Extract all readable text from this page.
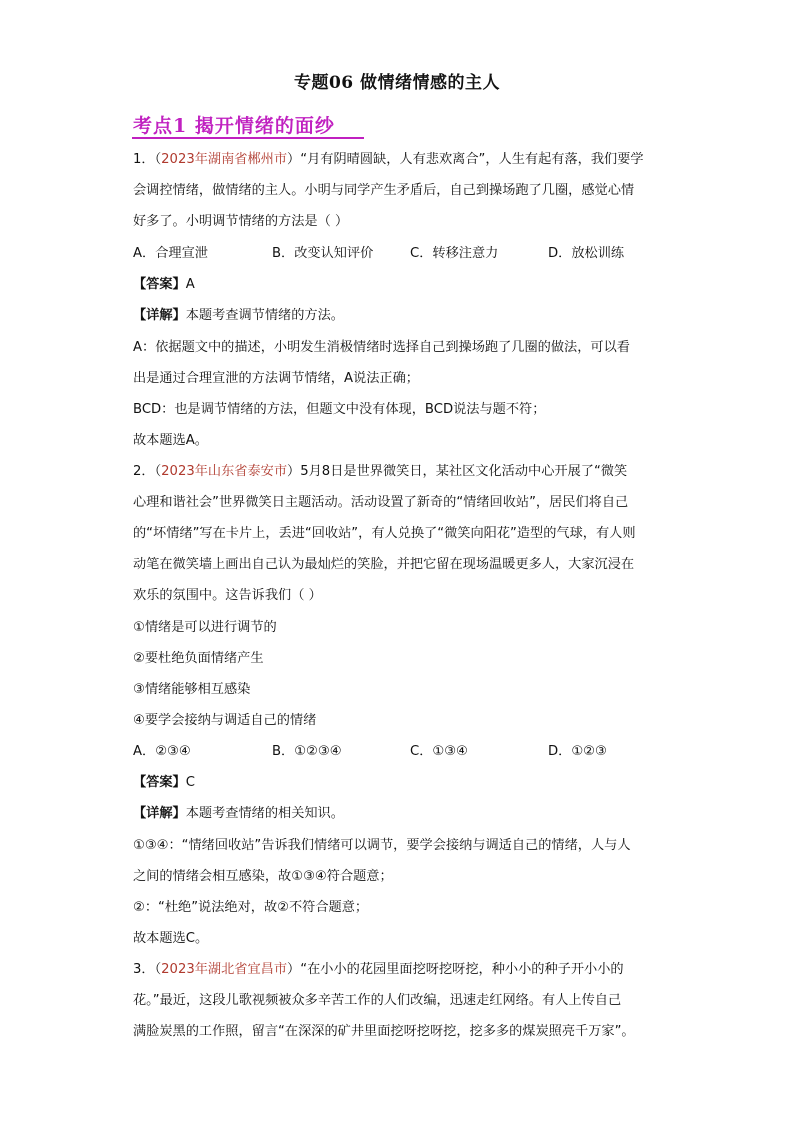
专题06 做情绪情感的主人
考点1 揭开情绪的面纱
1．（2023年湖南省郴州市）“月有阴晴圆缺，人有悲欢离合”，人生有起有落，我们要学
会调控情绪，做情绪的主人。小明与同学产生矛盾后，自己到操场跑了几圈，感觉心情
好多了。小明调节情绪的方法是（ ）
A．合理宣泄	B．改变认知评价	C．转移注意力	D．放松训练
【答案】A
【详解】本题考查调节情绪的方法。
A：依据题文中的描述，小明发生消极情绪时选择自己到操场跑了几圈的做法，可以看
出是通过合理宣泄的方法调节情绪，A说法正确；
BCD：也是调节情绪的方法，但题文中没有体现，BCD说法与题不符；
故本题选A。
2．（2023年山东省泰安市）5月8日是世界微笑日，某社区文化活动中心开展了“微笑
心理和谐社会”世界微笑日主题活动。活动设置了新奇的“情绪回收站”，居民们将自己
的“坏情绪”写在卡片上，丢进“回收站”，有人兑换了“微笑向阳花”造型的气球，有人则
动笔在微笑墙上画出自己认为最灿烂的笑脸，并把它留在现场温暖更多人，大家沉浸在
欢乐的氛围中。这告诉我们（ ）
①情绪是可以进行调节的
②要杜绝负面情绪产生
③情绪能够相互感染
④要学会接纳与调适自己的情绪
A．②③④	B．①②③④	C．①③④	D．①②③
【答案】C
【详解】本题考查情绪的相关知识。
①③④：“情绪回收站”告诉我们情绪可以调节，要学会接纳与调适自己的情绪，人与人
之间的情绪会相互感染，故①③④符合题意；
②：“杜绝”说法绝对，故②不符合题意；
故本题选C。
3．（2023年湖北省宜昌市）“在小小的花园里面挖呀挖呀挖，种小小的种子开小小的
花。”最近，这段儿歌视频被众多辛苦工作的人们改编，迅速走红网络。有人上传自己
满脸炭黑的工作照，留言“在深深的矿井里面挖呀挖呀挖，挖多多的煤炭照亮千万家”。
